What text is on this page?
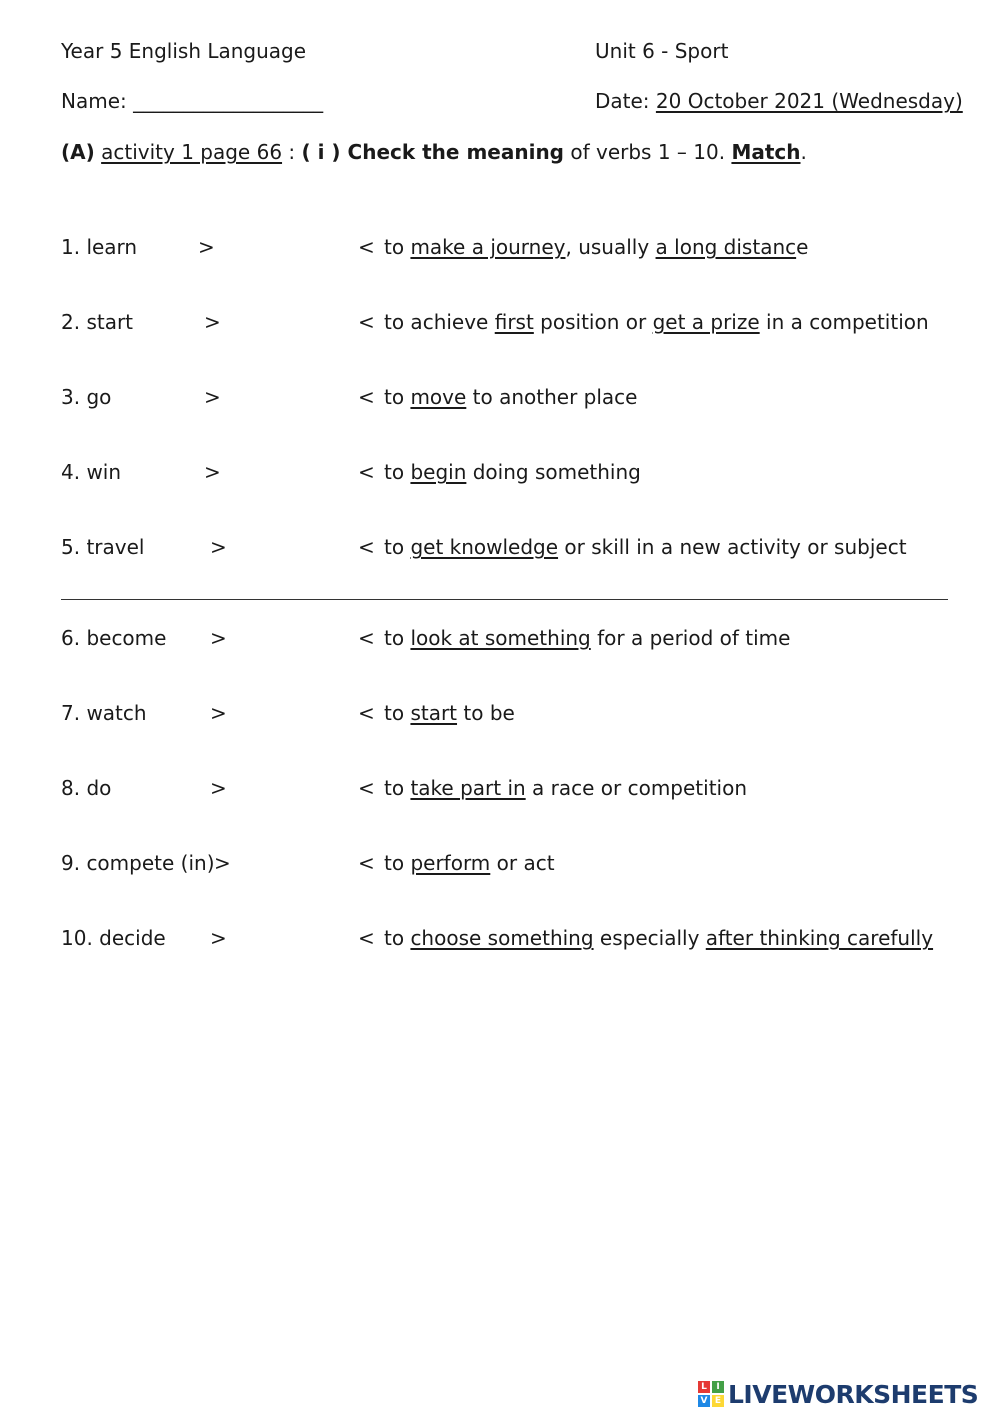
Year 5 English Language	Unit 6 - Sport
Name: ___________________	Date: 20 October 2021 (Wednesday)
(A) activity 1 page 66 : ( i ) Check the meaning of verbs 1 – 10. Match.
1. learn	>	< to make a journey, usually a long distance
2. start	>	< to achieve first position or get a prize in a competition
3. go	>	< to move to another place
4. win	>	< to begin doing something
5. travel	>	< to get knowledge or skill in a new activity or subject
6. become >	< to look at something for a period of time
7. watch	>	< to start to be
8. do	>	< to take part in a race or competition
9. compete (in) >	< to perform or act
10. decide >	< to choose something especially after thinking carefully
L	I
V E LIVEWORKSHEETS
